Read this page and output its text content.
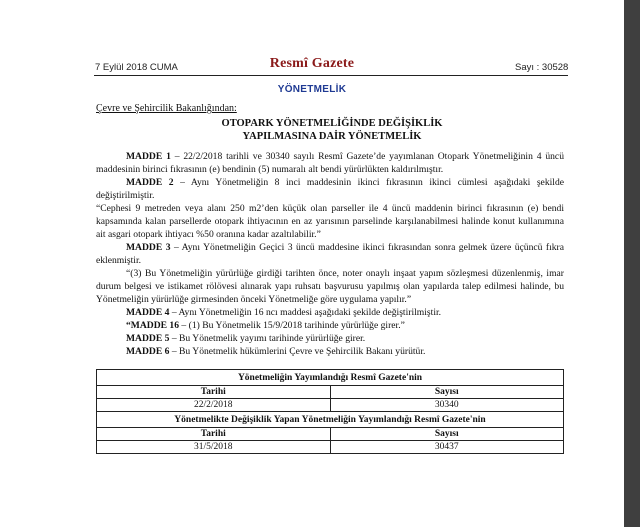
7 Eylül 2018 CUMA	Resmî Gazete	Sayı : 30528
YÖNETMELİK
Çevre ve Şehircilik Bakanlığından:
OTOPARK YÖNETMELİĞİNDE DEĞİŞİKLİK
YAPILMASINA DAİR YÖNETMELİK

MADDE 1 – 22/2/2018 tarihli ve 30340 sayılı Resmî Gazete’de yayımlanan Otopark Yönetmeliğinin 4 üncü maddesinin birinci fıkrasının (e) bendinin (5) numaralı alt bendi yürürlükten kaldırılmıştır.

MADDE 2 – Aynı Yönetmeliğin 8 inci maddesinin ikinci fıkrasının ikinci cümlesi aşağıdaki şekilde değiştirilmiştir.

“Cephesi 9 metreden veya alanı 250 m2’den küçük olan parseller ile 4 üncü maddenin birinci fıkrasının (e) bendi kapsamında kalan parsellerde otopark ihtiyacının en az yarısının parselinde karşılanabilmesi halinde konut kullanımına ait asgari otopark ihtiyacı %50 oranına kadar azaltılabilir.”

MADDE 3 – Aynı Yönetmeliğin Geçici 3 üncü maddesine ikinci fıkrasından sonra gelmek üzere üçüncü fıkra eklenmiştir.

“(3) Bu Yönetmeliğin yürürlüğe girdiği tarihten önce, noter onaylı inşaat yapım sözleşmesi düzenlenmiş, imar durum belgesi ve istikamet rölövesi alınarak yapı ruhsatı başvurusu yapılmış olan yapılarda talep edilmesi halinde, bu Yönetmeliğin yürürlüğe girmesinden önceki Yönetmeliğe göre uygulama yapılır.”

MADDE 4 – Aynı Yönetmeliğin 16 ncı maddesi aşağıdaki şekilde değiştirilmiştir.

“MADDE 16 – (1) Bu Yönetmelik 15/9/2018 tarihinde yürürlüğe girer.”

MADDE 5 – Bu Yönetmelik yayımı tarihinde yürürlüğe girer.

MADDE 6 – Bu Yönetmelik hükümlerini Çevre ve Şehircilik Bakanı yürütür.

Yönetmeliğin Yayımlandığı Resmî Gazete'nin	
Tarihi	Sayısı
22/2/2018	30340
Yönetmelikte Değişiklik Yapan Yönetmeliğin Yayımlandığı Resmî Gazete'nin	
Tarihi	Sayısı
31/5/2018	30437
